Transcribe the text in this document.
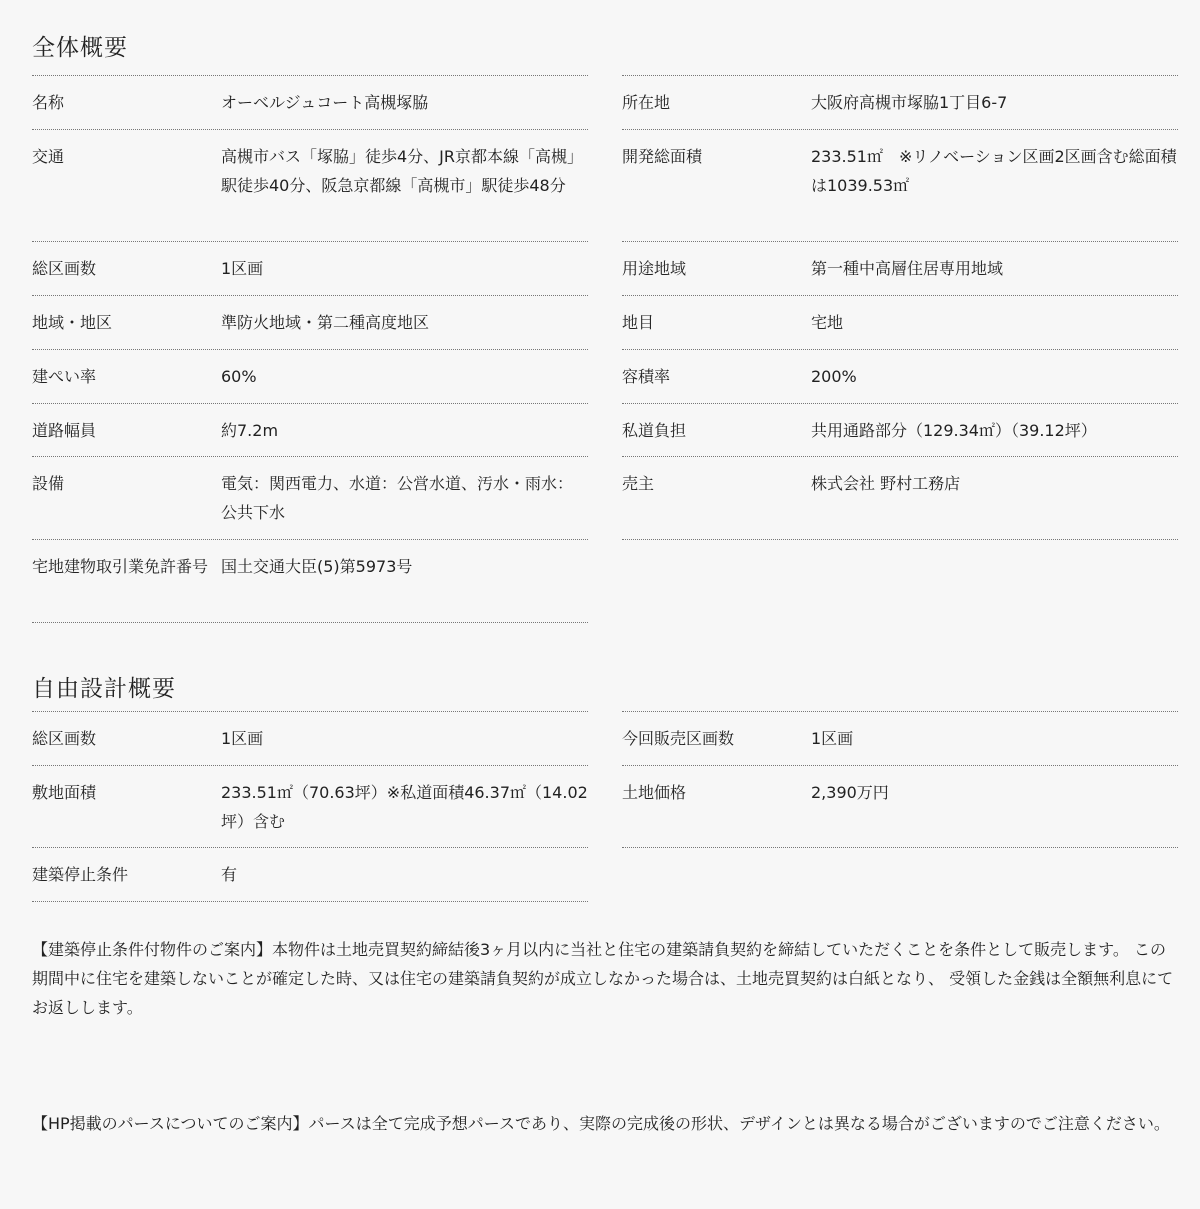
全体概要
名称	オーベルジュコート高槻塚脇
交通	高槻市バス「塚脇」徒歩4分、JR京都本線「高槻」駅徒歩40分、阪急京都線「高槻市」駅徒歩48分
総区画数	1区画
地域・地区	準防火地域・第二種高度地区
建ぺい率	60%
道路幅員	約7.2m
設備	電気：関西電力、水道：公営水道、汚水・雨水：公共下水
宅地建物取引業免許番号 国土交通大臣(5)第5973号
所在地	大阪府高槻市塚脇1丁目6-7
開発総面積	233.51㎡　※リノベーション区画2区画含む総面積は1039.53㎡
用途地域	第一種中高層住居専用地域
地目	宅地
容積率	200%
私道負担	共用通路部分（129.34㎡）（39.12坪）
売主	株式会社 野村工務店
自由設計概要
総区画数	1区画
敷地面積	233.51㎡（70.63坪）※私道面積46.37㎡（14.02坪）含む
建築停止条件	有
今回販売区画数	1区画
土地価格	2,390万円

【建築停止条件付物件のご案内】本物件は土地売買契約締結後3ヶ月以内に当社と住宅の建築請負契約を締結していただくことを条件として販売します。 この期間中に住宅を建築しないことが確定した時、又は住宅の建築請負契約が成立しなかった場合は、土地売買契約は白紙となり、 受領した金銭は全額無利息にてお返しします。

【HP掲載のパースについてのご案内】パースは全て完成予想パースであり、実際の完成後の形状、デザインとは異なる場合がございますのでご注意ください。
